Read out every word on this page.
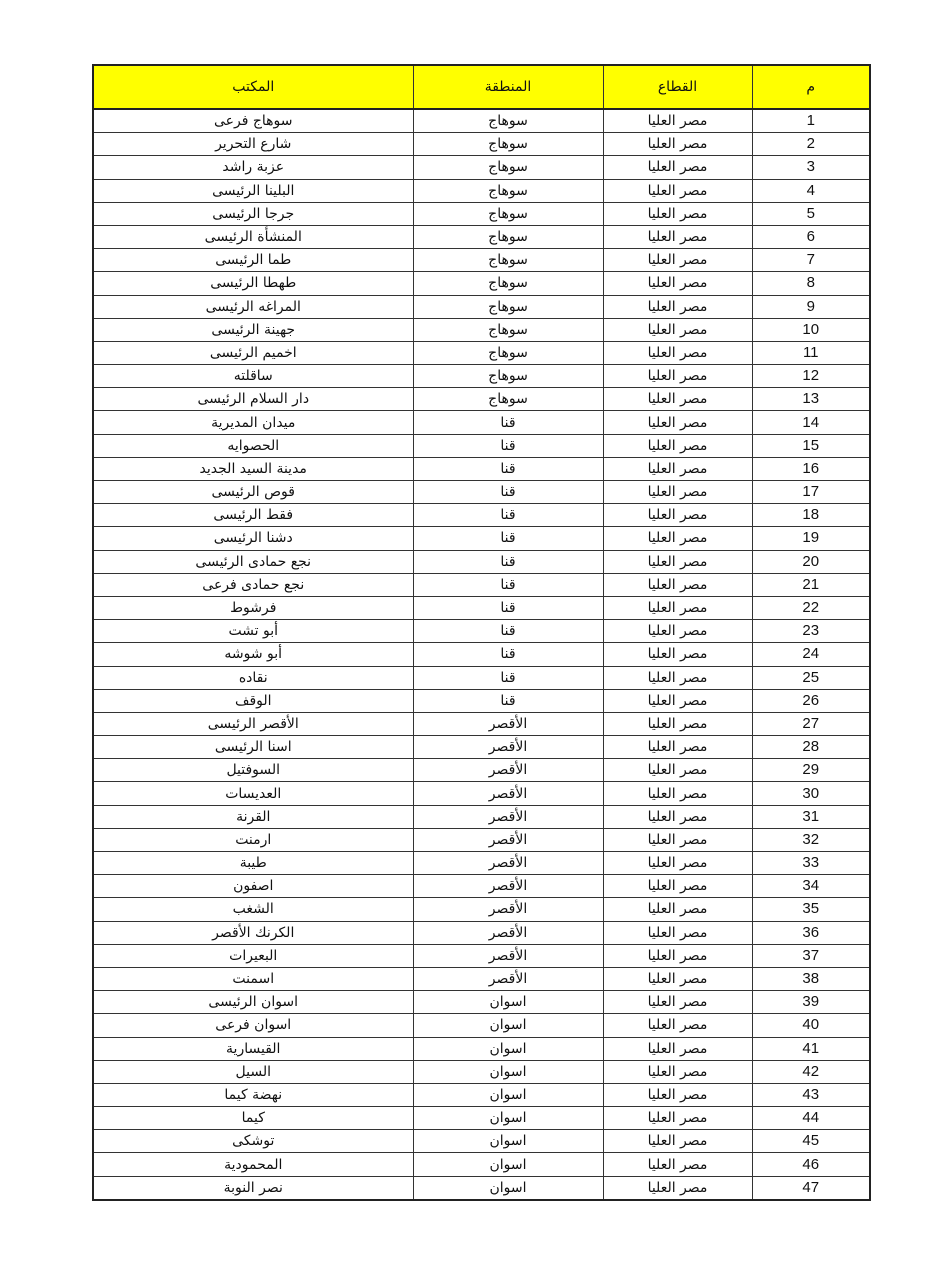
م	القطاع	المنطقة	المكتب
1	مصر العليا	سوهاج	سوهاج فرعى
2	مصر العليا	سوهاج	شارع التحرير
3	مصر العليا	سوهاج	عزبة راشد
4	مصر العليا	سوهاج	البلينا الرئيسى
5	مصر العليا	سوهاج	جرجا الرئيسى
6	مصر العليا	سوهاج	المنشأة الرئيسى
7	مصر العليا	سوهاج	طما الرئيسى
8	مصر العليا	سوهاج	طهطا الرئيسى
9	مصر العليا	سوهاج	المراغه الرئيسى
10	مصر العليا	سوهاج	جهينة الرئيسى
11	مصر العليا	سوهاج	اخميم الرئيسى
12	مصر العليا	سوهاج	ساقلته
13	مصر العليا	سوهاج	دار السلام الرئيسى
14	مصر العليا	قنا	ميدان المديرية
15	مصر العليا	قنا	الحصوايه
16	مصر العليا	قنا	مدينة السيد الجديد
17	مصر العليا	قنا	قوص الرئيسى
18	مصر العليا	قنا	فقط الرئيسى
19	مصر العليا	قنا	دشنا الرئيسى
20	مصر العليا	قنا	نجع حمادى الرئيسى
21	مصر العليا	قنا	نجع حمادى فرعى
22	مصر العليا	قنا	فرشوط
23	مصر العليا	قنا	أبو تشت
24	مصر العليا	قنا	أبو شوشه
25	مصر العليا	قنا	نقاده
26	مصر العليا	قنا	الوقف
27	مصر العليا	الأقصر	الأقصر الرئيسى
28	مصر العليا	الأقصر	اسنا الرئيسى
29	مصر العليا	الأقصر	السوفتيل
30	مصر العليا	الأقصر	العديسات
31	مصر العليا	الأقصر	القرنة
32	مصر العليا	الأقصر	ارمنت
33	مصر العليا	الأقصر	طيبة
34	مصر العليا	الأقصر	اصفون
35	مصر العليا	الأقصر	الشغب
36	مصر العليا	الأقصر	الكرنك الأقصر
37	مصر العليا	الأقصر	البعيرات
38	مصر العليا	الأقصر	اسمنت
39	مصر العليا	اسوان	اسوان الرئيسى
40	مصر العليا	اسوان	اسوان فرعى
41	مصر العليا	اسوان	القيسارية
42	مصر العليا	اسوان	السيل
43	مصر العليا	اسوان	نهضة كيما
44	مصر العليا	اسوان	كيما
45	مصر العليا	اسوان	توشكى
46	مصر العليا	اسوان	المحمودية
47	مصر العليا	اسوان	نصر النوبة
